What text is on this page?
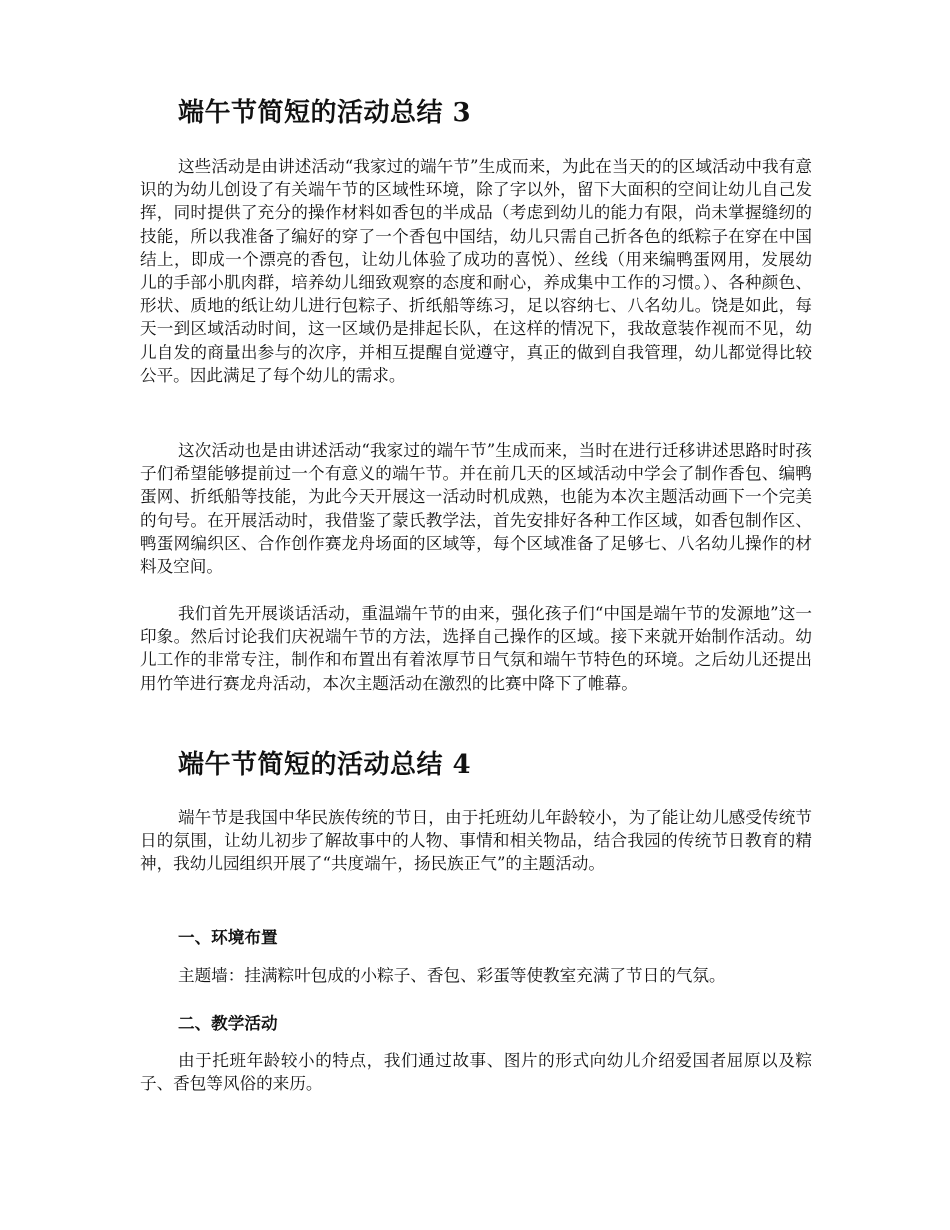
端午节简短的活动总结 3

这些活动是由讲述活动“我家过的端午节”生成而来，为此在当天的的区域活动中我有意识的为幼儿创设了有关端午节的区域性环境，除了字以外，留下大面积的空间让幼儿自己发挥，同时提供了充分的操作材料如香包的半成品（考虑到幼儿的能力有限，尚未掌握缝纫的技能，所以我准备了编好的穿了一个香包中国结，幼儿只需自己折各色的纸粽子在穿在中国结上，即成一个漂亮的香包，让幼儿体验了成功的喜悦）、丝线（用来编鸭蛋网用，发展幼儿的手部小肌肉群，培养幼儿细致观察的态度和耐心，养成集中工作的习惯。）、各种颜色、形状、质地的纸让幼儿进行包粽子、折纸船等练习，足以容纳七、八名幼儿。饶是如此，每天一到区域活动时间，这一区域仍是排起长队，在这样的情况下，我故意装作视而不见，幼儿自发的商量出参与的次序，并相互提醒自觉遵守，真正的做到自我管理，幼儿都觉得比较公平。因此满足了每个幼儿的需求。

这次活动也是由讲述活动“我家过的端午节”生成而来，当时在进行迁移讲述思路时时孩子们希望能够提前过一个有意义的端午节。并在前几天的区域活动中学会了制作香包、编鸭蛋网、折纸船等技能，为此今天开展这一活动时机成熟，也能为本次主题活动画下一个完美的句号。在开展活动时，我借鉴了蒙氏教学法，首先安排好各种工作区域，如香包制作区、鸭蛋网编织区、合作创作赛龙舟场面的区域等，每个区域准备了足够七、八名幼儿操作的材料及空间。

我们首先开展谈话活动，重温端午节的由来，强化孩子们“中国是端午节的发源地”这一印象。然后讨论我们庆祝端午节的方法，选择自己操作的区域。接下来就开始制作活动。幼儿工作的非常专注，制作和布置出有着浓厚节日气氛和端午节特色的环境。之后幼儿还提出用竹竿进行赛龙舟活动，本次主题活动在激烈的比赛中降下了帷幕。

端午节简短的活动总结 4

端午节是我国中华民族传统的节日，由于托班幼儿年龄较小，为了能让幼儿感受传统节日的氛围，让幼儿初步了解故事中的人物、事情和相关物品，结合我园的传统节日教育的精神，我幼儿园组织开展了“共度端午，扬民族正气”的主题活动。

一、环境布置

主题墙：挂满粽叶包成的小粽子、香包、彩蛋等使教室充满了节日的气氛。

二、教学活动

由于托班年龄较小的特点，我们通过故事、图片的形式向幼儿介绍爱国者屈原以及粽子、香包等风俗的来历。
